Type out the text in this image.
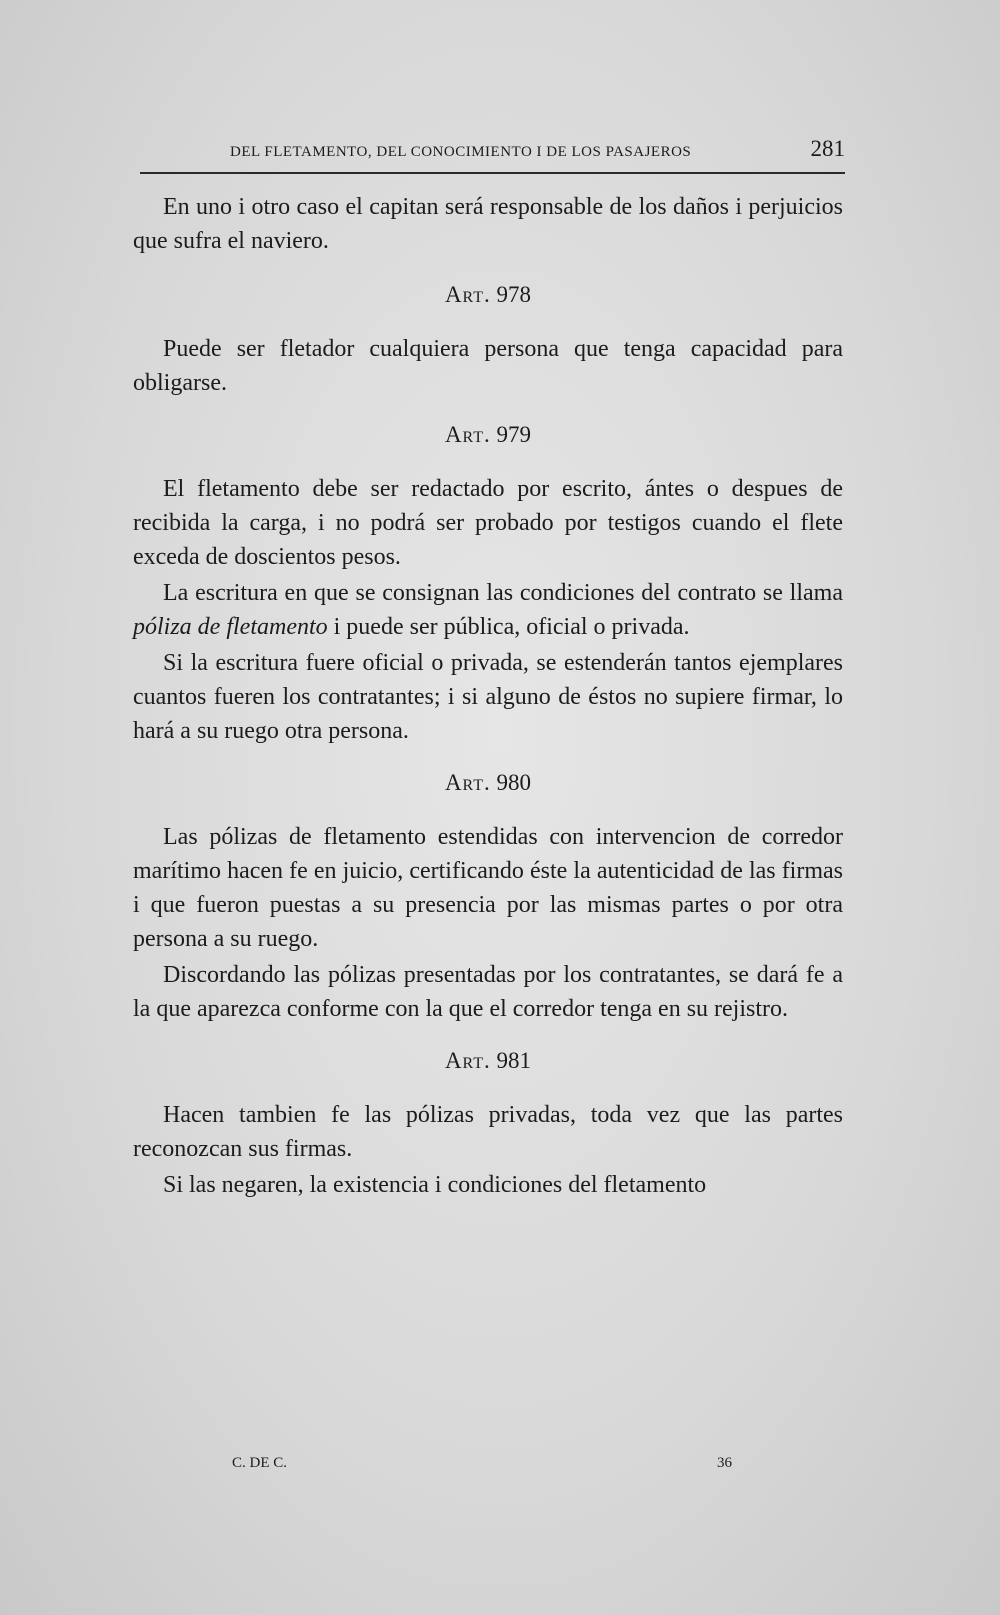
DEL FLETAMENTO, DEL CONOCIMIENTO I DE LOS PASAJEROS	281

En uno i otro caso el capitan será responsable de los daños i perjuicios que sufra el naviero.

Art. 978

Puede ser fletador cualquiera persona que tenga capacidad para obligarse.

Art. 979

El fletamento debe ser redactado por escrito, ántes o despues de recibida la carga, i no podrá ser probado por testigos cuando el flete exceda de doscientos pesos.

La escritura en que se consignan las condiciones del contrato se llama póliza de fletamento i puede ser pública, oficial o privada.

Si la escritura fuere oficial o privada, se estenderán tantos ejemplares cuantos fueren los contratantes; i si alguno de éstos no supiere firmar, lo hará a su ruego otra persona.

Art. 980

Las pólizas de fletamento estendidas con intervencion de corredor marítimo hacen fe en juicio, certificando éste la autenticidad de las firmas i que fueron puestas a su presencia por las mismas partes o por otra persona a su ruego.

Discordando las pólizas presentadas por los contratantes, se dará fe a la que aparezca conforme con la que el corredor tenga en su rejistro.

Art. 981

Hacen tambien fe las pólizas privadas, toda vez que las partes reconozcan sus firmas.

Si las negaren, la existencia i condiciones del fletamento

C. DE C.	36
